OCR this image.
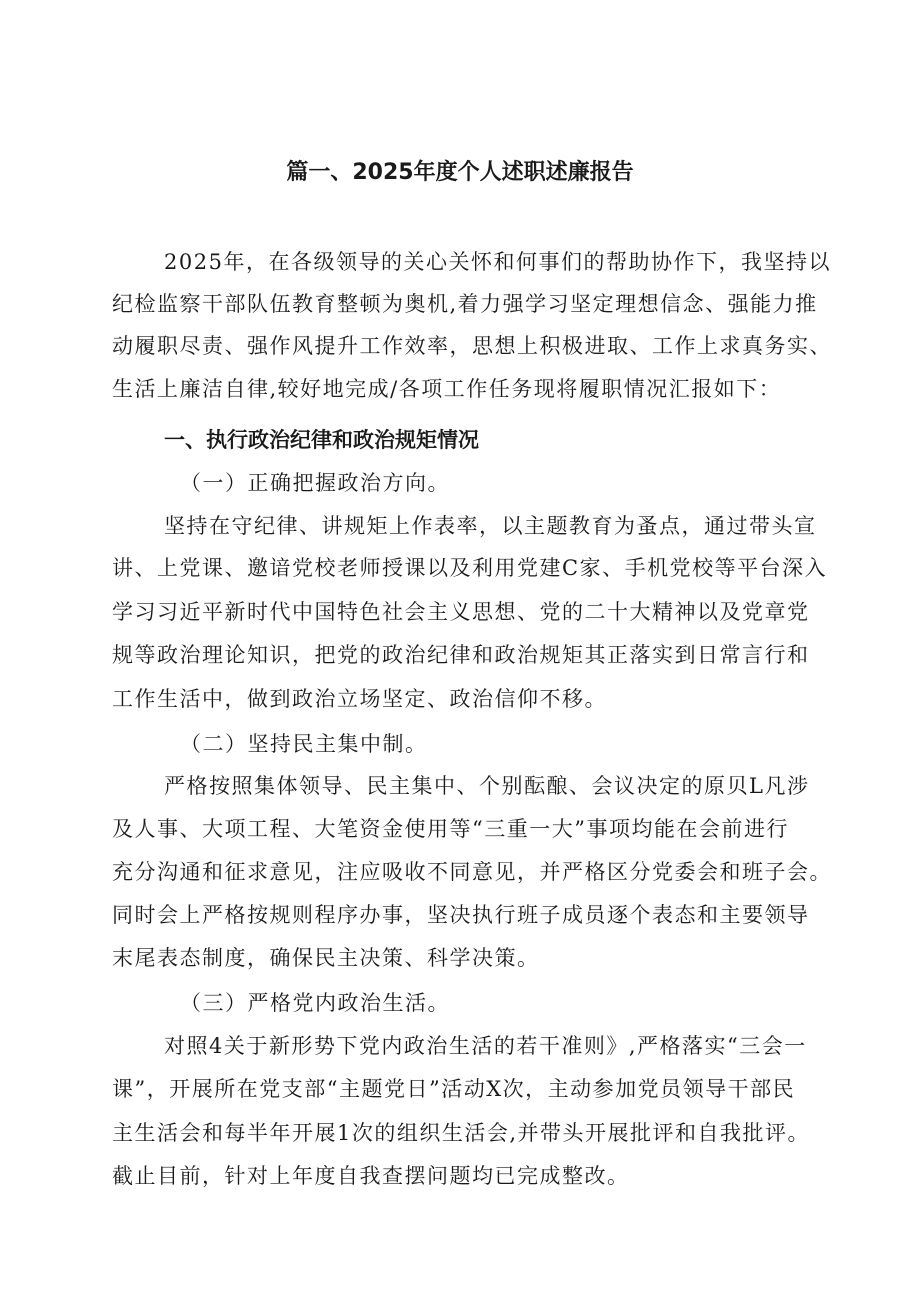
篇一、2025年度个人述职述廉报告
2025年，在各级领导的关心关怀和何事们的帮助协作下，我坚持以
纪检监察干部队伍教育整顿为奥机,着力强学习坚定理想信念、强能力推
动履职尽责、强作风提升工作效率，思想上积极进取、工作上求真务实、
生活上廉洁自律,较好地完成/各项工作任务现将履职情况汇报如下：
一、执行政治纪律和政治规矩情况
（一）正确把握政治方向。
坚持在守纪律、讲规矩上作表率，以主题教育为蚤点，通过带头宣
讲、上党课、邀谙党校老师授课以及利用党建C家、手机党校等平台深入
学习习近平新时代中国特色社会主义思想、党的二十大精神以及党章党
规等政治理论知识，把党的政治纪律和政治规矩其正落实到日常言行和
工作生活中，做到政治立场坚定、政治信仰不移。
（二）坚持民主集中制。
严格按照集体领导、民主集中、个别酝酿、会议决定的原贝L凡涉
及人事、大项工程、大笔资金使用等“三重一大”事项均能在会前进行
充分沟通和征求意见，注应吸收不同意见，并严格区分党委会和班子会。
同时会上严格按规则程序办事，坚决执行班子成员逐个表态和主要领导
末尾表态制度，确保民主决策、科学决策。
（三）严格党内政治生活。
对照4关于新形势下党内政治生活的若干准则》,严格落实“三会一
课”，开展所在党支部“主题党日”活动X次，主动参加党员领导干部民
主生活会和每半年开展1次的组织生活会,并带头开展批评和自我批评。
截止目前，针对上年度自我查摆问题均已完成整改。
